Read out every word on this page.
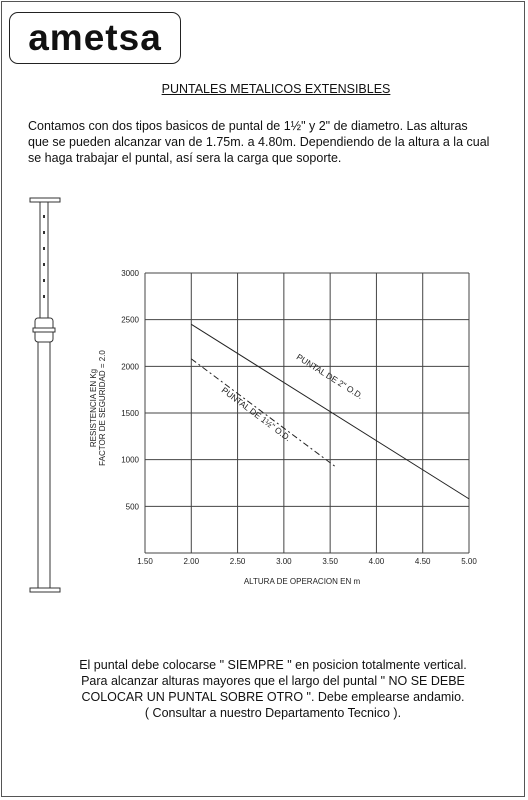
ametsa
PUNTALES METALICOS EXTENSIBLES
Contamos con dos tipos basicos de puntal de 1½" y 2" de diametro. Las alturas
que se pueden alcanzar van de 1.75m. a 4.80m. Dependiendo de la altura a la cual
se haga trabajar el puntal, así sera la carga que soporte.
RESISTENCIA EN Kg FACTOR DE SEGURIDAD = 2.0
ALTURA DE OPERACION EN m
1.50	2.00	2.50	3.00	3.50	4.00	4.50	5.00
500
1000
1500
2000
2500
3000
PUNTAL DE 2" O.D.
PUNTAL DE 1½" O.D.
El puntal debe colocarse " SIEMPRE " en posicion totalmente vertical.
Para alcanzar alturas mayores que el largo del puntal " NO SE DEBE
COLOCAR UN PUNTAL SOBRE OTRO ". Debe emplearse andamio.
( Consultar a nuestro Departamento Tecnico ).
